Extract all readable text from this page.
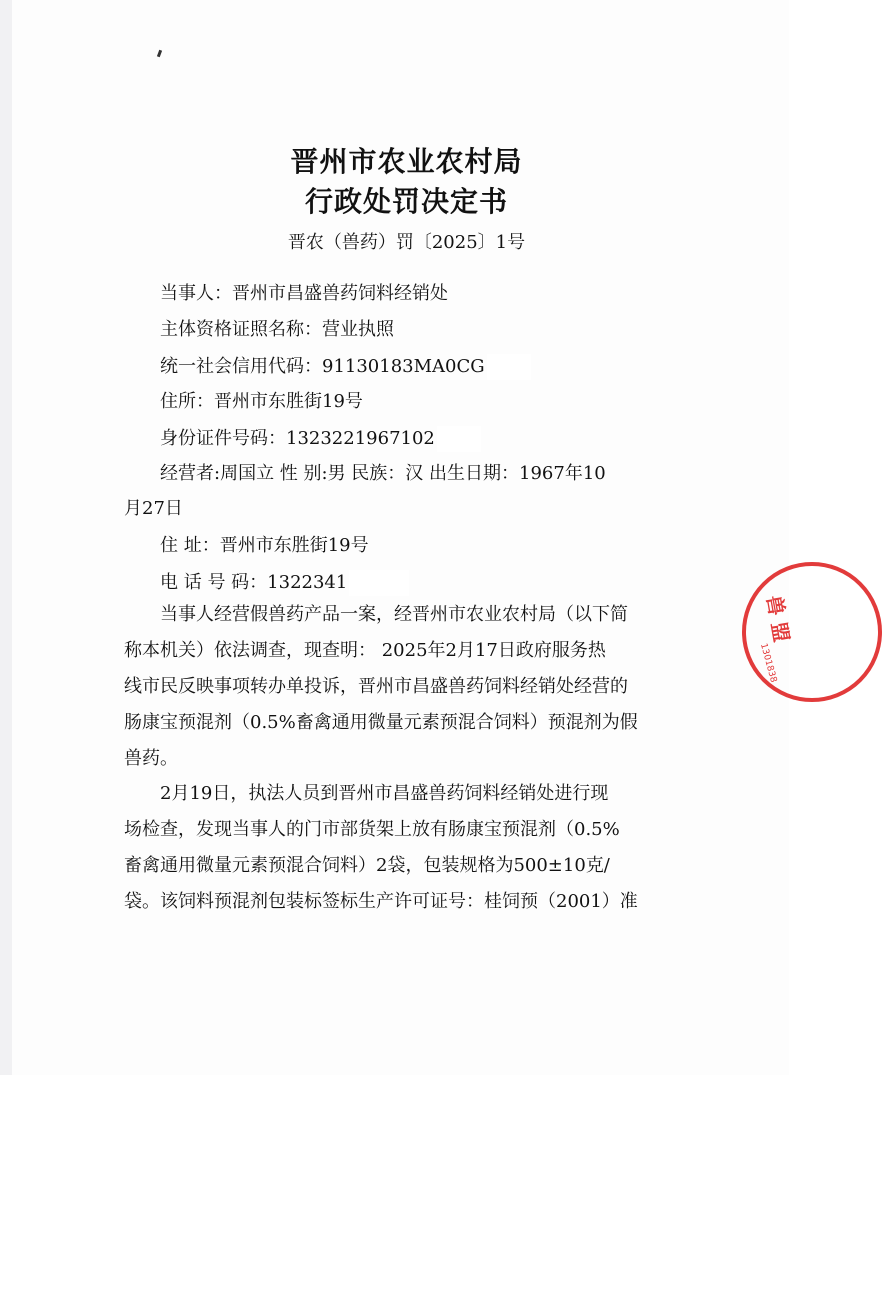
晋州市农业农村局
行政处罚决定书
晋农（兽药）罚〔2025〕1号
当事人：晋州市昌盛兽药饲料经销处
主体资格证照名称：营业执照
统一社会信用代码：91130183MA0CG
住所：晋州市东胜街19号
身份证件号码：1323221967102
经营者:周国立 性 别:男 民族：汉 出生日期：1967年10
月27日
住 址：晋州市东胜街19号
电 话 号 码：1322341
当事人经营假兽药产品一案，经晋州市农业农村局（以下简
称本机关）依法调查，现查明： 2025年2月17日政府服务热
线市民反映事项转办单投诉，晋州市昌盛兽药饲料经销处经营的
肠康宝预混剂（0.5%畜禽通用微量元素预混合饲料）预混剂为假
兽药。
2月19日，执法人员到晋州市昌盛兽药饲料经销处进行现
场检查，发现当事人的门市部货架上放有肠康宝预混剂（0.5%
畜禽通用微量元素预混合饲料）2袋，包装规格为500±10克/
袋。该饲料预混剂包装标签标生产许可证号：桂饲预（2001）准
兽 盟
1301838
